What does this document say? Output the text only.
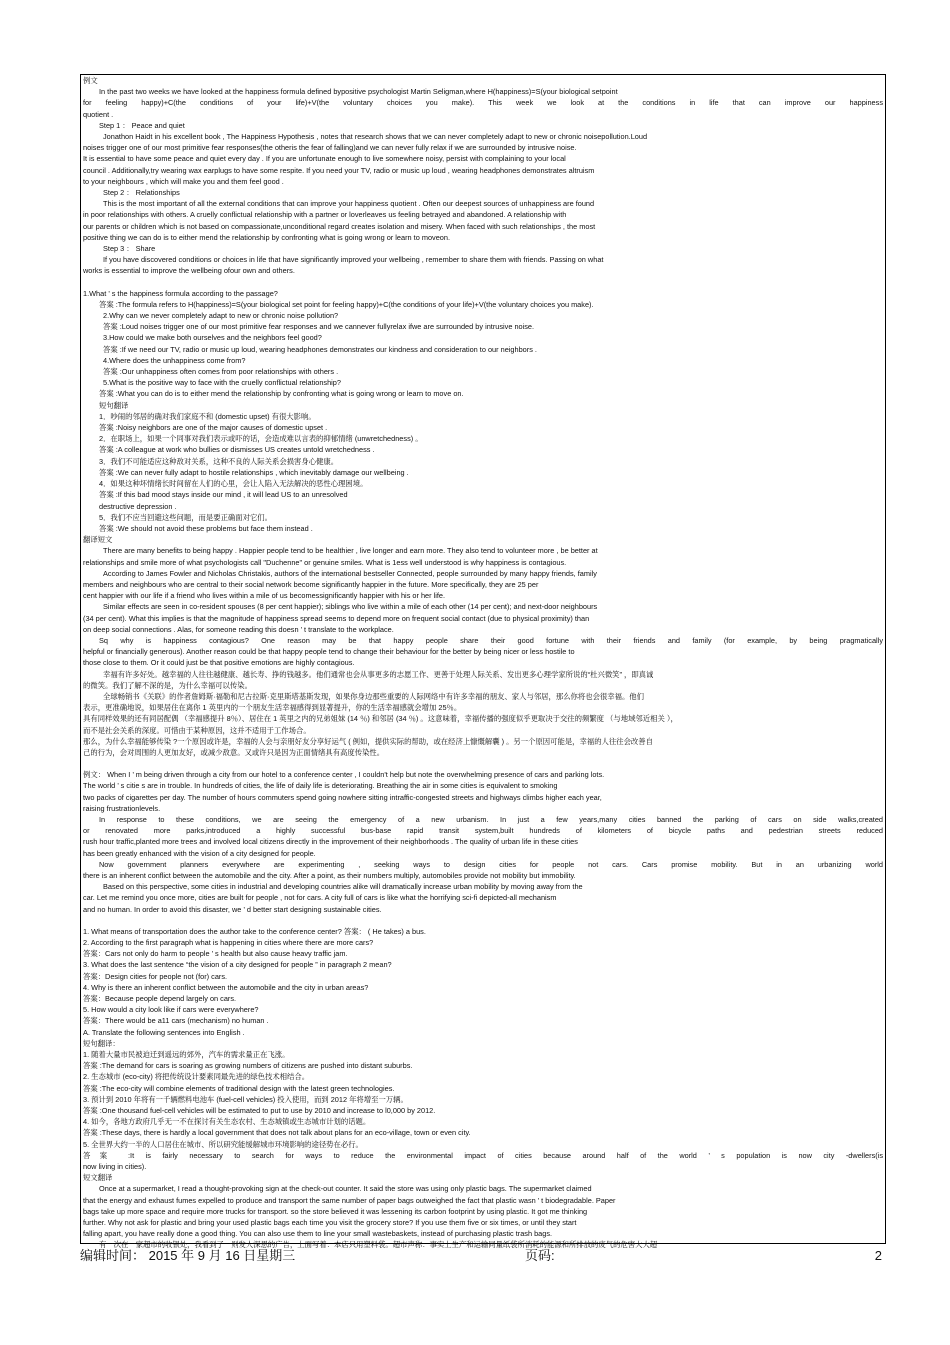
例文
In the past two weeks we have looked at the happiness formula defined bypositive psychologist Martin Seligman,where H(happiness)=S(your biological setpoint
for feeling happy)+C(the conditions of your life)+V(the voluntary choices you make). This week we look at the conditions in life that can improve our happiness
quotient .
Step 1 ： Peace and quiet
Jonathon Haidt in his excellent book , The Happiness Hypothesis , notes that research shows that we can never completely adapt to new or chronic noisepollution.Loud
noises trigger one of our most primitive fear responses(the otheris the fear of falling)and we can never fully relax if we are surrounded by intrusive noise.
It is essential to have some peace and quiet every day . If you are unfortunate enough to live somewhere noisy, persist with complaining to your local
council . Additionally,try wearing wax earplugs to have some respite. If you need your TV, radio or music up loud , wearing headphones demonstrates altruism
to your neighbours , which will make you and them feel good .
Step 2 ： Relationships
This is the most important of all the external conditions that can improve your happiness quotient . Often our deepest sources of unhappiness are found
in poor relationships with others. A cruelly conflictual relationship with a partner or loverleaves us feeling betrayed and abandoned. A relationship with
our parents or children which is not based on compassionate,unconditional regard creates isolation and misery. When faced with such relationships , the most
positive thing we can do is to either mend the relationship by confronting what is going wrong or learn to moveon.
Step 3 ： Share
If you have discovered conditions or choices in life that have significantly improved your wellbeing , remember to share them with friends. Passing on what
works is essential to improve the wellbeing ofour own and others.
1.What ’ s the happiness formula according to the passage?
答案 :The formula refers to H(happiness)=S(your biological set point for feeling happy)+C(the conditions of your life)+V(the voluntary choices you make).
2.Why can we never completely adapt to new or chronic noise pollution?
答案 :Loud noises trigger one of our most primitive fear responses and we cannever fullyrelax ifwe are surrounded by intrusive noise.
3.How could we make both ourselves and the neighbors feel good?
答案 :If we need our TV, radio or music up loud, wearing headphones demonstrates our kindness and consideration to our neighbors .
4.Where does the unhappiness come from?
答案 :Our unhappiness often comes from poor relationships with others .
5.What is the positive way to face with the cruelly conflictual relationship?
答案 :What you can do is to either mend the relationship by confronting what is going wrong or learn to move on.
短句翻译
1．吵闹的邻居的确对我们家庭不和 (domestic upset) 有很大影响。
答案 :Noisy neighbors are one of the major causes of domestic upset .
2．在职场上，如果一个同事对我们表示或吓的话，会造成难以言表的抑郁情绪 (unwretchedness) 。
答案 :A colleague at work who bullies or dismisses US creates untold wretchedness .
3．我们不可能适应这种敌对关系，这种不良的人际关系会损害身心健康。
答案 :We can never fully adapt to hostile relationships , which inevitably damage our wellbeing .
4．如果这种坏情绪长时间留在人们的心里，会让人陷入无法解决的恶性心理困境。
答案 :If this bad mood stays inside our mind , it will lead US to an unresolved
destructive depression .
5．我们不应当回避这些问题，而是要正确面对它们。
答案 :We should not avoid these problems but face them instead .
翻译短文
There are many benefits to being happy . Happier people tend to be healthier , live longer and earn more. They also tend to volunteer more , be better at
relationships and smile more of what psychologists call "Duchenne" or genuine smiles. What is 1ess well understood is why happiness is contagious.
According to James Fowler and Nicholas Christakis, authors of the international bestseller Connected, people surrounded by many happy friends, family
members and neighbours who are central to their social network become significantly happier in the future. More specifically, they are 25 per
cent happier with our life if a friend who lives within a mile of us becomessignificantly happier with his or her life.
Similar effects are seen in co-resident spouses (8 per cent happier); siblings who live within a mile of each other (14 per cent); and next-door neighbours
(34 per cent). What this implies is that the magnitude of happiness spread seems to depend more on frequent social contact (due to physical proximity) than
on deep social connections . Alas, for someone reading this doesn ’ t translate to the workplace.
Sq why is happiness contagious? One reason may be that happy people share their good fortune with their friends and family (for example, by being pragmatically
helpful or financially generous). Another reason could be that happy people tend to change their behaviour for the better by being nicer or less hostile to
those close to them. Or it could just be that positive emotions are highly contagious.
幸福有许多好处。越幸福的人往往越健康、越长寿、挣的钱越多。他们通常也会从事更多的志愿工作、更善于处理人际关系、发出更多心理学家所说的“杜兴微笑” ，即真诚
的微笑。我们了解不深的是，为什么幸福可以传染。
全球畅销书《关联》的作者詹姆斯·福勒和尼古拉斯·克里斯塔基斯发现，如果你身边那些重要的人际网络中有许多幸福的朋友、家人与邻居，那么你将也会很幸福。他们
表示，更准确地说，如果居住在离你 1 英里内的一个朋友生活幸福感得到显著提升，你的生活幸福感就会增加 25％。
具有同样效果的还有同居配偶 （幸福感提升 8％）、居住在 1 英里之内的兄弟姐妹 (14 ％) 和邻居 (34 ％) 。这意味着，幸福传播的强度似乎更取决于交往的频繁度 （与地域邻近相关 ），
而不是社会关系的深度。可惜由于某种原因，这并不适用于工作场合。
那么，为什么幸福能够传染 ?一个原因或许是，幸福的人会与亲朋好友分享好运气 ( 例如，提供实际的帮助，或在经济上慷慨解囊 ) 。另一个原因可能是，幸福的人往往会改善自
己的行为，会对周围的人更加友好，或减少敌意。又或许只是因为正面情绪具有高度传染性。
例文： When I ’ m being driven through a city from our hotel to a conference center , I couldn't help but note the overwhelming presence of cars and parking lots.
The world ’ s citie s are in trouble. In hundreds of cities, the life of daily life is deteriorating. Breathing the air in some cities is equivalent to smoking
two packs of cigarettes per day. The number of hours commuters spend going nowhere sitting intraffic-congested streets and highways climbs higher each year,
raising frustrationlevels.
In response to these conditions, we are seeing the emergency of a new urbanism. In just a few years,many cities banned the parking of cars on side walks,created
or renovated more parks,introduced a highly successful bus-base rapid transit system,built hundreds of kilometers of bicycle paths and pedestrian streets reduced
rush hour traffic,planted more trees and involved local citizens directly in the improvement of their neighborhoods . The quality of urban life in these cities
has been greatly enhanced with the vision of a city designed for people.
Now government planners everywhere are experimenting , seeking ways to design cities for people not cars. Cars promise mobility. But in an urbanizing world
there is an inherent conflict between the automobile and the city. After a point, as their numbers multiply, automobiles provide not mobility but immobility.
Based on this perspective, some cities in industrial and developing countries alike will dramatically increase urban mobility by moving away from the
car. Let me remind you once more, cities are built for people , not for cars. A city full of cars is like what the horrifying sci-fi depicted-all mechanism
and no human. In order to avoid this disaster, we ’ d better start designing sustainable cities.
1. What means of transportation does the author take to the conference center? 答案： ( He takes) a bus.
2. According to the first paragraph what is happening in cities where there are more cars?
答案：Cars not only do harm to people ’ s health but also cause heavy traffic jam.
3. What does the last sentence “the vision of a city designed for people ” in paragraph 2 mean?
答案：Design cities for people not (for) cars.
4. Why is there an inherent conflict between the automobile and the city in urban areas?
答案：Because people depend largely on cars.
5. How would a city look like if cars were everywhere?
答案：There would be a11 cars (mechanism) no human .
A. Translate the following sentences into English .
短句翻译：
1. 随着大量市民被迫迁到遥远的郊外，汽车的需求量正在飞涨。
答案 :The demand for cars is soaring as growing numbers of citizens are pushed into distant suburbs.
2. 生态城市 (eco-city) 将把传统设计要素同最先进的绿色技术相结合。
答案 :The eco-city will combine elements of traditional design with the latest green technologies.
3. 预计到 2010 年将有一千辆燃料电池车 (fuel-cell vehicles) 投入使用，而到 2012 年将增至一万辆。
答案 :One thousand fuel-cell vehicles will be estimated to put to use by 2010 and increase to l0,000 by 2012.
4. 如今，各地方政府几乎无一不在探讨有关生态农村、生态城镇或生态城市计划的话题。
答案 :These days, there is hardly a local government that does not talk about plans for an eco-village, town or even city.
5. 全世界大约一半的人口居住在城市、所以研究能缓解城市环境影响的途径势在必行。
答案 :It is fairly necessary to search for ways to reduce the environmental impact of cities because around half of the world ’ s population is now city -dwellers(is
now living in cities).
短文翻译
Once at a supermarket, I read a thought-provoking sign at the check-out counter. It said the store was using only plastic bags. The supermarket claimed
that the energy and exhaust fumes expelled to produce and transport the same number of paper bags outweighed the fact that plastic wasn ’ t biodegradable. Paper
bags take up more space and require more trucks for transport. so the store believed it was lessening its carbon footprint by using plastic. It got me thinking
further. Why not ask for plastic and bring your used plastic bags each time you visit the grocery store? If you use them five or six times, or until they start
falling apart, you have really done a good thing. You can also use them to line your small wastebaskets, instead of purchasing plastic trash bags.
有一次在一家超市的收银处，我看到了一则发人深思的广告，上面写着：本店只用塑料袋。超市声称：事实上生产和运输同量纸袋所消耗的能源和所排放的废气的危害大大超
编辑时间： 2015 年 9 月 16 日星期三	页码:	2
